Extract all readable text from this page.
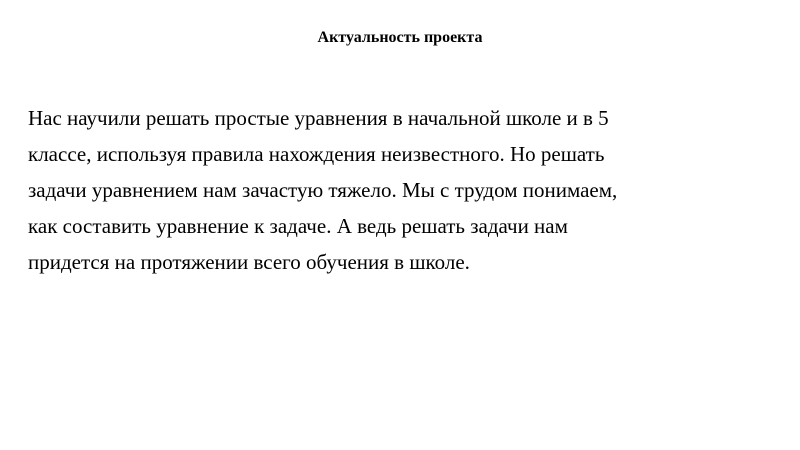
Актуальность проекта
Нас научили решать простые уравнения в начальной школе и в 5
классе, используя правила нахождения неизвестного. Но решать
задачи уравнением нам зачастую тяжело. Мы с трудом понимаем,
как составить уравнение к задаче. А ведь решать задачи нам
придется на протяжении всего обучения в школе.
